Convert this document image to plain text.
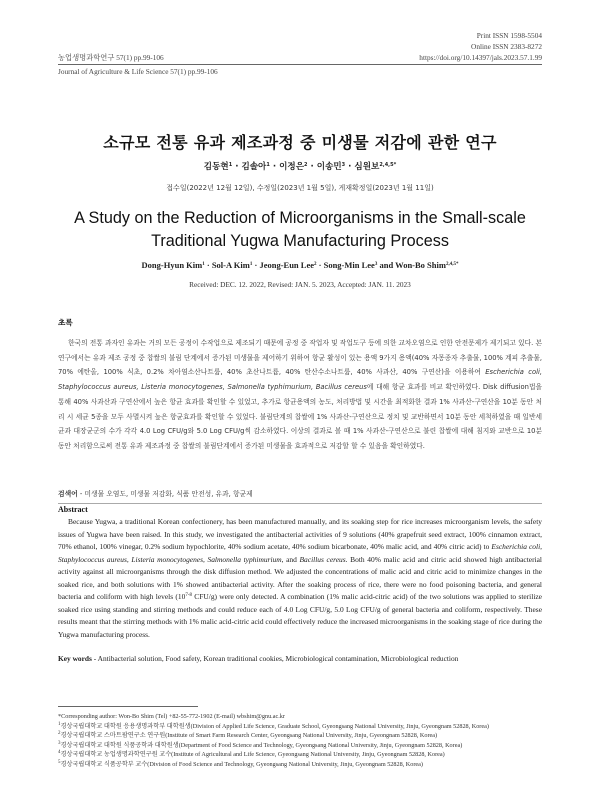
Print ISSN 1598-5504
Online ISSN 2383-8272
농업생명과학연구 57(1) pp.99-106	https://doi.org/10.14397/jals.2023.57.1.99
Journal of Agriculture & Life Science 57(1) pp.99-106
소규모 전통 유과 제조과정 중 미생물 저감에 관한 연구
김동현$^1$ · 김솔아$^1$ · 이정은$^2$ · 이송민$^3$ · 심원보$^{2,4,5*}$
접수일(2022년 12월 12일), 수정일(2023년 1월 5일), 게재확정일(2023년 1월 11일)
A Study on the Reduction of Microorganisms in the Small-scale
Traditional Yugwa Manufacturing Process
Dong-Hyun Kim$^1$ · Sol-A Kim$^1$ · Jeong-Eun Lee$^2$ · Song-Min Lee$^3$ and Won-Bo Shim$^{2,4,5*}$
Received: DEC. 12. 2022, Revised: JAN. 5. 2023, Accepted: JAN. 11. 2023
초록
한국의 전통 과자인 유과는 거의 모든 공정이 수작업으로 제조되기 때문에 공정 중 작업자 및 작업도구 등에 의한 교차오염으로 인한 안전문제가 제기되고 있다. 본 연구에서는 유과 제조 공정 중 찹쌀의 불림 단계에서 증가된 미생물을 제어하기 위하여 항균 활성이 있는 용액 9가지 용액(40% 자몽종자 추출물, 100% 계피 추출물, 70% 에탄올, 100% 식초, 0.2% 차아염소산나트륨, 40% 초산나트륨, 40% 탄산수소나트륨, 40% 사과산, 40% 구연산)을 이용하여 Escherichia coli, Staphylococcus aureus, Listeria monocytogenes, Salmonella typhimurium, Bacillus cereus에 대해 항균 효과를 비교 확인하였다. Disk diffusion법을 통해 40% 사과산과 구연산에서 높은 항균 효과를 확인할 수 있었고, 추가로 항균용액의 농도, 처리방법 및 시간을 최적화한 결과 1% 사과산-구연산을 10분 동안 처리 시 세균 5종을 모두 사멸시켜 높은 항균효과를 확인할 수 있었다. 불림단계의 찹쌀에 1% 사과산-구연산으로 정치 및 교반하면서 10분 동안 세척하였을 때 일반세균과 대장균군의 수가 각각 4.0 Log CFU/g와 5.0 Log CFU/g씩 감소하였다. 이상의 결과로 볼 때 1% 사과산-구연산으로 불린 찹쌀에 대해 침지와 교반으로 10분 동안 처리함으로써 전통 유과 제조과정 중 찹쌀의 불림단계에서 증가된 미생물을 효과적으로 저감할 할 수 있음을 확인하였다.
검색어 - 미생물 오염도, 미생물 저감화, 식품 안전성, 유과, 항균제
Abstract
Because Yugwa, a traditional Korean confectionery, has been manufactured manually, and its soaking step for rice increases microorganism levels, the safety issues of Yugwa have been raised. In this study, we investigated the antibacterial activities of 9 solutions (40% grapefruit seed extract, 100% cinnamon extract, 70% ethanol, 100% vinegar, 0.2% sodium hypochlorite, 40% sodium acetate, 40% sodium bicarbonate, 40% malic acid, and 40% citric acid) to Escherichia coli, Staphylococcus aureus, Listeria monocytogenes, Salmonella typhimurium, and Bacillus cereus. Both 40% malic acid and citric acid showed high antibacterial activity against all microorganisms through the disk diffusion method. We adjusted the concentrations of malic acid and citric acid to minimize changes in the soaked rice, and both solutions with 1% showed antibacterial activity. After the soaking process of rice, there were no food poisoning bacteria, and general bacteria and coliform with high levels (10$^{7-8}$ CFU/g) were only detected. A combination (1% malic acid-citric acid) of the two solutions was applied to sterilize soaked rice using standing and stirring methods and could reduce each of 4.0 Log CFU/g, 5.0 Log CFU/g of general bacteria and coliform, respectively. These results meant that the stirring methods with 1% malic acid-citric acid could effectively reduce the increased microorganisms in the soaking stage of rice during the Yugwa manufacturing process.
Key words - Antibacterial solution, Food safety, Korean traditional cookies, Microbiological contamination, Microbiological reduction
*Corresponding author: Won-Bo Shim (Tel) +82-55-772-1902 (E-mail) wbshim@gnu.ac.kr
$^1$경상국립대학교 대학원 응용생명과학부 대학원생(Division of Applied Life Science, Graduate School, Gyeongsang National University, Jinju, Gyeongnam 52828, Korea)
$^2$경상국립대학교 스마트팜연구소 연구원(Institute of Smart Farm Research Center, Gyeongsang National University, Jinju, Gyeongnam 52828, Korea)
$^3$경상국립대학교 대학원 식품공학과 대학원생(Department of Food Science and Technology, Gyeongsang National University, Jinju, Gyeongnam 52828, Korea)
$^4$경상국립대학교 농업생명과학연구원 교수(Institute of Agricultural and Life Science, Gyeongsang National University, Jinju, Gyeongnam 52828, Korea)
$^5$경상국립대학교 식품공학부 교수(Division of Food Science and Technology, Gyeongsang National University, Jinju, Gyeongnam 52828, Korea)
